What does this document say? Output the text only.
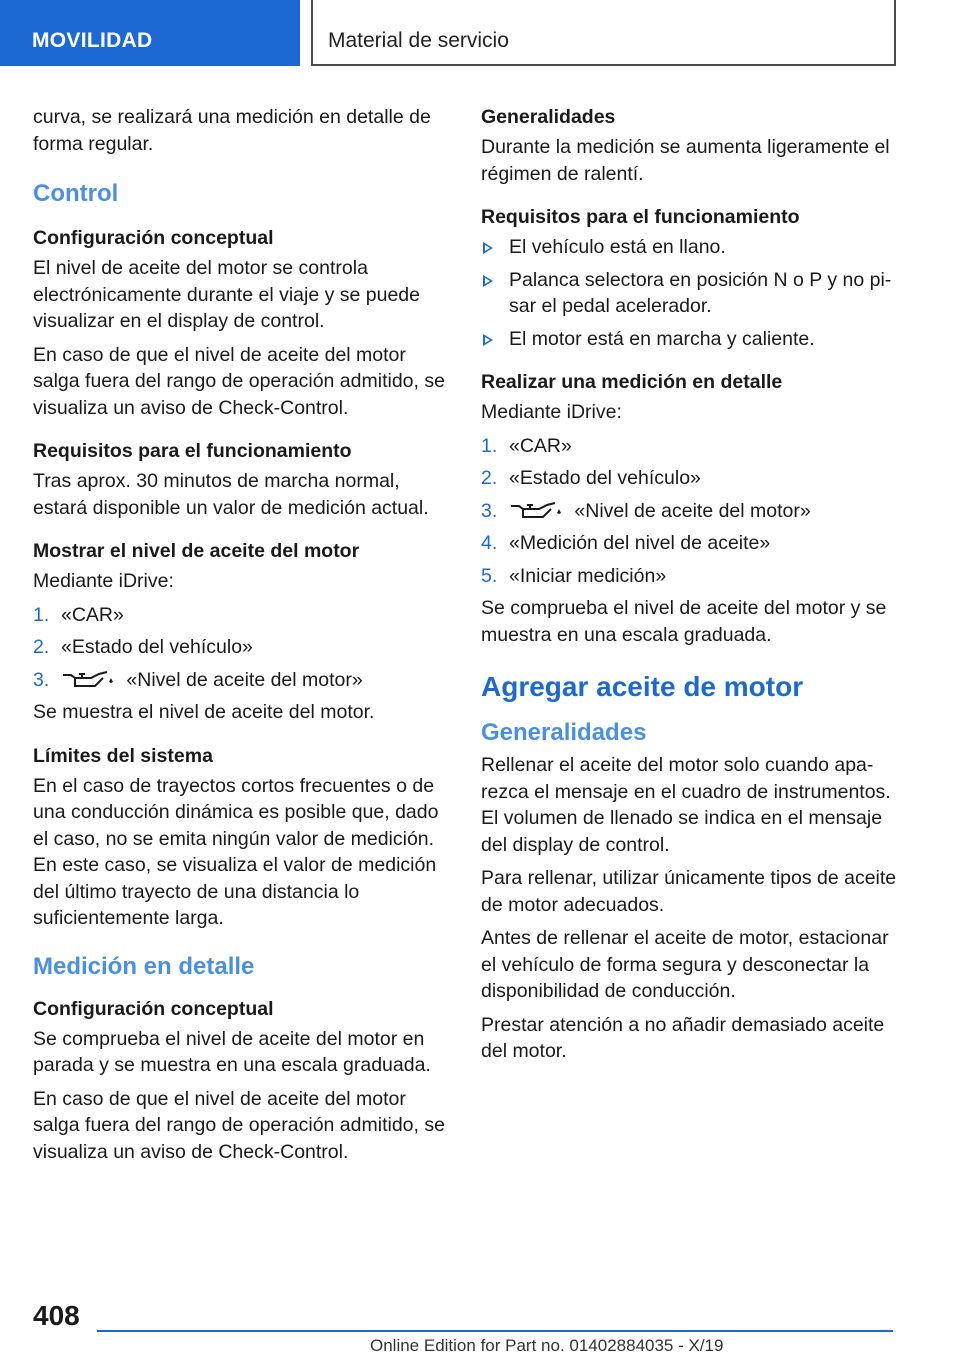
MOVILIDAD	Material de servicio

curva, se realizará una medición en detalle de forma regular.

Control
Configuración conceptual

El nivel de aceite del motor se controla electrónicamente durante el viaje y se puede visualizar en el display de control.

En caso de que el nivel de aceite del motor salga fuera del rango de operación admitido, se visualiza un aviso de Check-Control.

Requisitos para el funcionamiento

Tras aprox. 30 minutos de marcha normal, estará disponible un valor de medición actual.

Mostrar el nivel de aceite del motor

Mediante iDrive:

1. «CAR»
2. «Estado del vehículo»
3.	«Nivel de aceite del motor»

Se muestra el nivel de aceite del motor.

Límites del sistema

En el caso de trayectos cortos frecuentes o de una conducción dinámica es posible que, dado el caso, no se emita ningún valor de medición. En este caso, se visualiza el valor de medición del último trayecto de una distancia lo suficientemente larga.

Medición en detalle
Configuración conceptual

Se comprueba el nivel de aceite del motor en parada y se muestra en una escala graduada.

En caso de que el nivel de aceite del motor salga fuera del rango de operación admitido, se visualiza un aviso de Check-Control.

Generalidades

Durante la medición se aumenta ligeramente el régimen de ralentí.

Requisitos para el funcionamiento
El vehículo está en llano.
Palanca selectora en posición N o P y no pisar el pedal acelerador.
El motor está en marcha y caliente.
Realizar una medición en detalle

Mediante iDrive:

1. «CAR»
2. «Estado del vehículo»
3.	«Nivel de aceite del motor»
4. «Medición del nivel de aceite»
5. «Iniciar medición»

Se comprueba el nivel de aceite del motor y se muestra en una escala graduada.

Agregar aceite de motor
Generalidades

Rellenar el aceite del motor solo cuando aparezca el mensaje en el cuadro de instrumentos. El volumen de llenado se indica en el mensaje del display de control.

Para rellenar, utilizar únicamente tipos de aceite de motor adecuados.

Antes de rellenar el aceite de motor, estacionar el vehículo de forma segura y desconectar la disponibilidad de conducción.

Prestar atención a no añadir demasiado aceite del motor.

408
Online Edition for Part no. 01402884035 - X/19
